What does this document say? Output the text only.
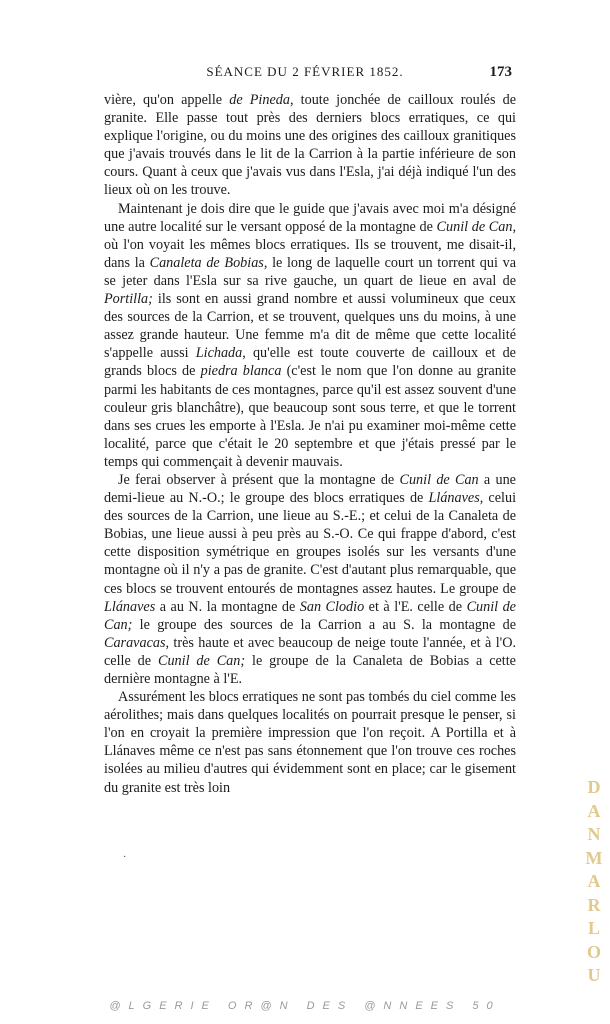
SÉANCE DU 2 FÉVRIER 1852.	173

vière, qu'on appelle de Pineda, toute jonchée de cailloux roulés de granite. Elle passe tout près des derniers blocs erratiques, ce qui explique l'origine, ou du moins une des origines des cailloux granitiques que j'avais trouvés dans le lit de la Carrion à la partie inférieure de son cours. Quant à ceux que j'avais vus dans l'Esla, j'ai déjà indiqué l'un des lieux où on les trouve.

Maintenant je dois dire que le guide que j'avais avec moi m'a désigné une autre localité sur le versant opposé de la montagne de Cunil de Can, où l'on voyait les mêmes blocs erratiques. Ils se trouvent, me disait-il, dans la Canaleta de Bobias, le long de laquelle court un torrent qui va se jeter dans l'Esla sur sa rive gauche, un quart de lieue en aval de Portilla; ils sont en aussi grand nombre et aussi volumineux que ceux des sources de la Carrion, et se trouvent, quelques uns du moins, à une assez grande hauteur. Une femme m'a dit de même que cette localité s'appelle aussi Lichada, qu'elle est toute couverte de cailloux et de grands blocs de piedra blanca (c'est le nom que l'on donne au granite parmi les habitants de ces montagnes, parce qu'il est assez souvent d'une couleur gris blanchâtre), que beaucoup sont sous terre, et que le torrent dans ses crues les emporte à l'Esla. Je n'ai pu examiner moi-même cette localité, parce que c'était le 20 septembre et que j'étais pressé par le temps qui commençait à devenir mauvais.

Je ferai observer à présent que la montagne de Cunil de Can a une demi-lieue au N.-O.; le groupe des blocs erratiques de Llánaves, celui des sources de la Carrion, une lieue au S.-E.; et celui de la Canaleta de Bobias, une lieue aussi à peu près au S.-O. Ce qui frappe d'abord, c'est cette disposition symétrique en groupes isolés sur les versants d'une montagne où il n'y a pas de granite. C'est d'autant plus remarquable, que ces blocs se trouvent entourés de montagnes assez hautes. Le groupe de Llánaves a au N. la montagne de San Clodio et à l'E. celle de Cunil de Can; le groupe des sources de la Carrion a au S. la montagne de Caravacas, très haute et avec beaucoup de neige toute l'année, et à l'O. celle de Cunil de Can; le groupe de la Canaleta de Bobias a cette dernière montagne à l'E.

Assurément les blocs erratiques ne sont pas tombés du ciel comme les aérolithes; mais dans quelques localités on pourrait presque le penser, si l'on en croyait la première impression que l'on reçoit. A Portilla et à Llánaves même ce n'est pas sans étonnement que l'on trouve ces roches isolées au milieu d'autres qui évidemment sont en place; car le gisement du granite est très loin	D
A
N
M
A
R
L
O
U
·
@LGERIE OR@N DES @NNEES 50
